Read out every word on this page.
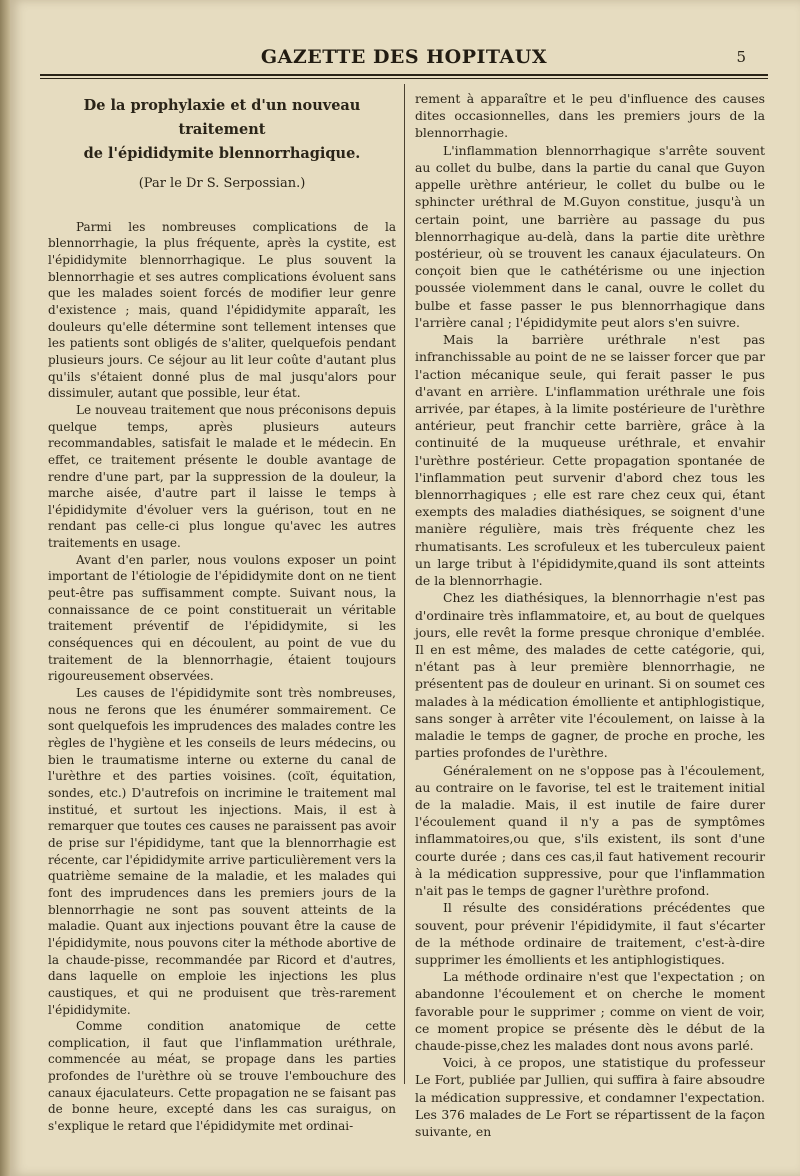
GAZETTE DES HOPITAUX	5
De la prophylaxie et d'un nouveau traitement
de l'épididymite blennorrhagique.
(Par le Dr S. Serpossian.)

Parmi les nombreuses complications de la blennorrhagie, la plus fréquente, après la cystite, est l'épididymite blennorrhagique. Le plus souvent la blennorrhagie et ses autres complications évoluent sans que les malades soient forcés de modifier leur genre d'existence ; mais, quand l'épididymite apparaît, les douleurs qu'elle détermine sont tellement intenses que les patients sont obligés de s'aliter, quelquefois pendant plusieurs jours. Ce séjour au lit leur coûte d'autant plus qu'ils s'étaient donné plus de mal jusqu'alors pour dissimuler, autant que possible, leur état.

Le nouveau traitement que nous préconisons depuis quelque temps, après plusieurs auteurs recommandables, satisfait le malade et le médecin. En effet, ce traitement présente le double avantage de rendre d'une part, par la suppression de la douleur, la marche aisée, d'autre part il laisse le temps à l'épididymite d'évoluer vers la guérison, tout en ne rendant pas celle-ci plus longue qu'avec les autres traitements en usage.

Avant d'en parler, nous voulons exposer un point important de l'étiologie de l'épididymite dont on ne tient peut-être pas suffisamment compte. Suivant nous, la connaissance de ce point constituerait un véritable traitement préventif de l'épididymite, si les conséquences qui en découlent, au point de vue du traitement de la blennorrhagie, étaient toujours rigoureusement observées.

Les causes de l'épididymite sont très nombreuses, nous ne ferons que les énumérer sommairement. Ce sont quelquefois les imprudences des malades contre les règles de l'hygiène et les conseils de leurs médecins, ou bien le traumatisme interne ou externe du canal de l'urèthre et des parties voisines. (coït, équitation, sondes, etc.) D'autrefois on incrimine le traitement mal institué, et surtout les injections. Mais, il est à remarquer que toutes ces causes ne paraissent pas avoir de prise sur l'épididyme, tant que la blennorrhagie est récente, car l'épididymite arrive particulièrement vers la quatrième semaine de la maladie, et les malades qui font des imprudences dans les premiers jours de la blennorrhagie ne sont pas souvent atteints de la maladie. Quant aux injections pouvant être la cause de l'épididymite, nous pouvons citer la méthode abortive de la chaude-pisse, recommandée par Ricord et d'autres, dans laquelle on emploie les injections les plus caustiques, et qui ne produisent que très-rarement l'épididymite.

Comme condition anatomique de cette complication, il faut que l'inflammation uréthrale, commencée au méat, se propage dans les parties profondes de l'urèthre où se trouve l'embouchure des canaux éjaculateurs. Cette propagation ne se faisant pas de bonne heure, excepté dans les cas suraigus, on s'explique le retard que l'épididymite met ordinai-

rement à apparaître et le peu d'influence des causes dites occasionnelles, dans les premiers jours de la blennorrhagie.

L'inflammation blennorrhagique s'arrête souvent au collet du bulbe, dans la partie du canal que Guyon appelle urèthre antérieur, le collet du bulbe ou le sphincter uréthral de M.Guyon constitue, jusqu'à un certain point, une barrière au passage du pus blennorrhagique au-delà, dans la partie dite urèthre postérieur, où se trouvent les canaux éjaculateurs. On conçoit bien que le cathétérisme ou une injection poussée violemment dans le canal, ouvre le collet du bulbe et fasse passer le pus blennorrhagique dans l'arrière canal ; l'épididymite peut alors s'en suivre.

Mais la barrière uréthrale n'est pas infranchissable au point de ne se laisser forcer que par l'action mécanique seule, qui ferait passer le pus d'avant en arrière. L'inflammation uréthrale une fois arrivée, par étapes, à la limite postérieure de l'urèthre antérieur, peut franchir cette barrière, grâce à la continuité de la muqueuse uréthrale, et envahir l'urèthre postérieur. Cette propagation spontanée de l'inflammation peut survenir d'abord chez tous les blennorrhagiques ; elle est rare chez ceux qui, étant exempts des maladies diathésiques, se soignent d'une manière régulière, mais très fréquente chez les rhumatisants. Les scrofuleux et les tuberculeux paient un large tribut à l'épididymite,quand ils sont atteints de la blennorrhagie.

Chez les diathésiques, la blennorrhagie n'est pas d'ordinaire très inflammatoire, et, au bout de quelques jours, elle revêt la forme presque chronique d'emblée. Il en est même, des malades de cette catégorie, qui, n'étant pas à leur première blennorrhagie, ne présentent pas de douleur en urinant. Si on soumet ces malades à la médication émolliente et antiphlogistique, sans songer à arrêter vite l'écoulement, on laisse à la maladie le temps de gagner, de proche en proche, les parties profondes de l'urèthre.

Généralement on ne s'oppose pas à l'écoulement, au contraire on le favorise, tel est le traitement initial de la maladie. Mais, il est inutile de faire durer l'écoulement quand il n'y a pas de symptômes inflammatoires,ou que, s'ils existent, ils sont d'une courte durée ; dans ces cas,il faut hativement recourir à la médication suppressive, pour que l'inflammation n'ait pas le temps de gagner l'urèthre profond.

Il résulte des considérations précédentes que souvent, pour prévenir l'épididymite, il faut s'écarter de la méthode ordinaire de traitement, c'est-à-dire supprimer les émollients et les antiphlogistiques.

La méthode ordinaire n'est que l'expectation ; on abandonne l'écoulement et on cherche le moment favorable pour le supprimer ; comme on vient de voir, ce moment propice se présente dès le début de la chaude-pisse,chez les malades dont nous avons parlé.

Voici, à ce propos, une statistique du professeur Le Fort, publiée par Jullien, qui suffira à faire absoudre la médication suppressive, et condamner l'expectation. Les 376 malades de Le Fort se répartissent de la façon suivante, en
